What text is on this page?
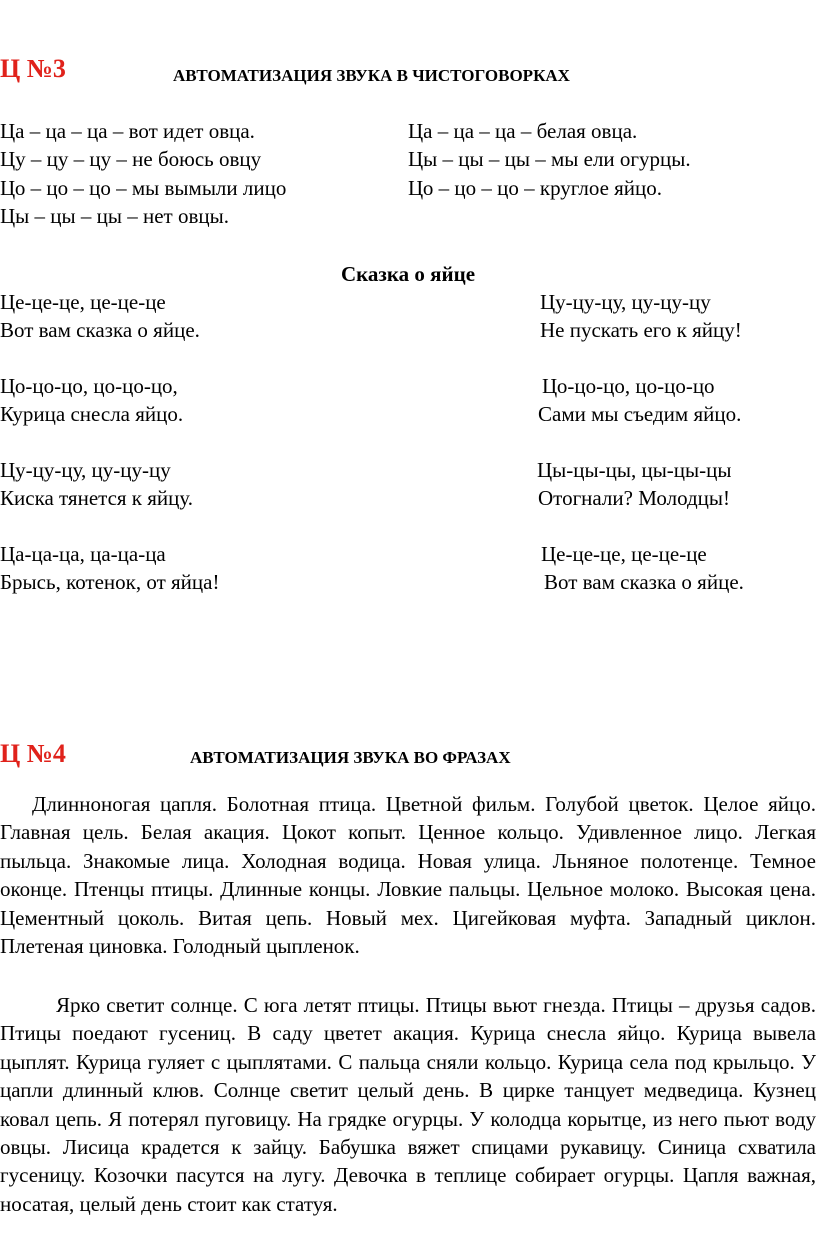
Ц №3	АВТОМАТИЗАЦИЯ ЗВУКА В ЧИСТОГОВОРКАХ
Ца – ца – ца – вот идет овца.
Цу – цу – цу – не боюсь овцу
Цо – цо – цо – мы вымыли лицо
Цы – цы – цы – нет овцы.
Ца – ца – ца – белая овца.
Цы – цы – цы – мы ели огурцы.
Цо – цо – цо – круглое яйцо.
Сказка о яйце
Це-це-це, це-це-це
Вот вам сказка о яйце.
Цу-цу-цу, цу-цу-цу
Не пускать его к яйцу!
Цо-цо-цо, цо-цо-цо,
Курица снесла яйцо.
Цо-цо-цо, цо-цо-цо
Сами мы съедим яйцо.
Цу-цу-цу, цу-цу-цу
Киска тянется к яйцу.
Цы-цы-цы, цы-цы-цы
Отогнали? Молодцы!
Ца-ца-ца, ца-ца-ца
Брысь, котенок, от яйца!
Це-це-це, це-це-це
Вот вам сказка о яйце.
Ц №4	АВТОМАТИЗАЦИЯ ЗВУКА ВО ФРАЗАХ

Длинноногая цапля. Болотная птица. Цветной фильм. Голубой цветок. Целое яйцо. Главная цель. Белая акация. Цокот копыт. Ценное кольцо. Удивленное лицо. Легкая пыльца. Знакомые лица. Холодная водица. Новая улица. Льняное полотенце. Темное оконце. Птенцы птицы. Длинные концы. Ловкие пальцы. Цельное молоко. Высокая цена. Цементный цоколь. Витая цепь. Новый мех. Цигейковая муфта. Западный циклон. Плетеная циновка. Голодный цыпленок.

Ярко светит солнце. С юга летят птицы. Птицы вьют гнезда. Птицы – друзья садов. Птицы поедают гусениц. В саду цветет акация. Курица снесла яйцо. Курица вывела цыплят. Курица гуляет с цыплятами. С пальца сняли кольцо. Курица села под крыльцо. У цапли длинный клюв. Солнце светит целый день. В цирке танцует медведица. Кузнец ковал цепь. Я потерял пуговицу. На грядке огурцы. У колодца корытце, из него пьют воду овцы. Лисица крадется к зайцу. Бабушка вяжет спицами рукавицу. Синица схватила гусеницу. Козочки пасутся на лугу. Девочка в теплице собирает огурцы. Цапля важная, носатая, целый день стоит как статуя.
